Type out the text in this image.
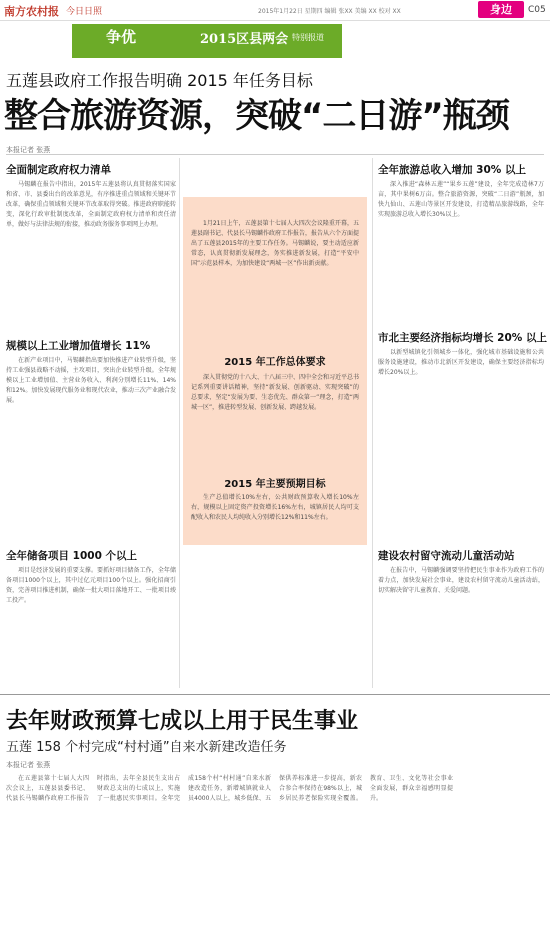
南方农村报 今日日照	2015年1月22日 星期四 编辑 张XX 美编 XX 校对 XX	身边	C05
争优	2015区县两会 特别报道
五莲县政府工作报告明确 2015 年任务目标
整合旅游资源，突破“二日游”瓶颈
本报记者 张燕
全面制定政府权力清单

马锡麟在报告中指出，2015年五莲县将认真贯彻落实国家和省、市、县委出台的改革意见，有序推进重点领域和关键环节改革，确保重点领域和关键环节改革取得突破。推进政府职能转变，深化行政审批制度改革，全面制定政府权力清单和责任清单，做好与法律法规的衔接，推动政务服务事项网上办理。

规模以上工业增加值增长 11%

在新产业项目中，马锡麟指出要加快推进产业转型升级，坚持工业强县战略不动摇，主攻项目，突出企业转型升级。全年规模以上工业增加值、主营业务收入、利润分别增长11%、14%和12%。加快发展现代服务业和现代农业，推动三次产业融合发展。

全年储备项目 1000 个以上

项目是经济发展的重要支撑。要抓好项目储备工作，全年储备项目1000个以上，其中过亿元项目100个以上。强化招商引资，完善项目推进机制，确保一批大项目落地开工、一批项目竣工投产。

1月21日上午，五莲县第十七届人大四次会议隆重开幕，五莲县副书记、代县长马锡麟作政府工作报告，报告从六个方面提出了五莲县2015年的主要工作任务。马锡麟说，要主动适应新常态，认真贯彻新发展理念，务实推进新发展，打造“平安中国”示范县样本，为加快建设“两城一区”作出新贡献。

2015 年工作总体要求

深入贯彻党的十八大、十八届三中、四中全会和习近平总书记系列重要讲话精神，坚持“新发展、创新驱动、实现突破”的总要求，坚定“发展为要、生态优先、群众第一”理念，打造“两城一区”，推进转型发展、创新发展、跨越发展。

2015 年主要预期目标

生产总值增长10%左右，公共财政预算收入增长10%左右，规模以上固定资产投资增长16%左右，城镇居民人均可支配收入和农民人均纯收入分别增长12%和11%左右。

全年旅游总收入增加 30% 以上

深入推进“森林五莲”“果乡五莲”建设，全年完成造林7万亩，其中果树6万亩。整合旅游资源，突破“二日游”瓶颈，加快九仙山、五莲山等景区开发建设，打造精品旅游线路，全年实现旅游总收入增长30%以上。

市北主要经济指标均增长 20% 以上

以新型城镇化引领城乡一体化，强化城市基础设施和公共服务设施建设，推动市北新区开发建设，确保主要经济指标均增长20%以上。

建设农村留守流动儿童活动站

在报告中，马锡麟强调要坚持把民生事业作为政府工作的着力点，加快发展社会事业，建设农村留守流动儿童活动站，切实解决留守儿童教育、关爱问题。

去年财政预算七成以上用于民生事业
五莲 158 个村完成“村村通”自来水新建改造任务
本报记者 张燕

在五莲县第十七届人大四次会议上，五莲县县委书记、代县长马锡麟作政府工作报告时指出，去年全县民生支出占财政总支出的七成以上，实施了一批惠民实事项目。全年完成158个村“村村通”自来水新建改造任务，新增城镇就业人员4000人以上，城乡低保、五保供养标准进一步提高，新农合参合率保持在98%以上，城乡居民养老保险实现全覆盖。教育、卫生、文化等社会事业全面发展，群众幸福感明显提升。
